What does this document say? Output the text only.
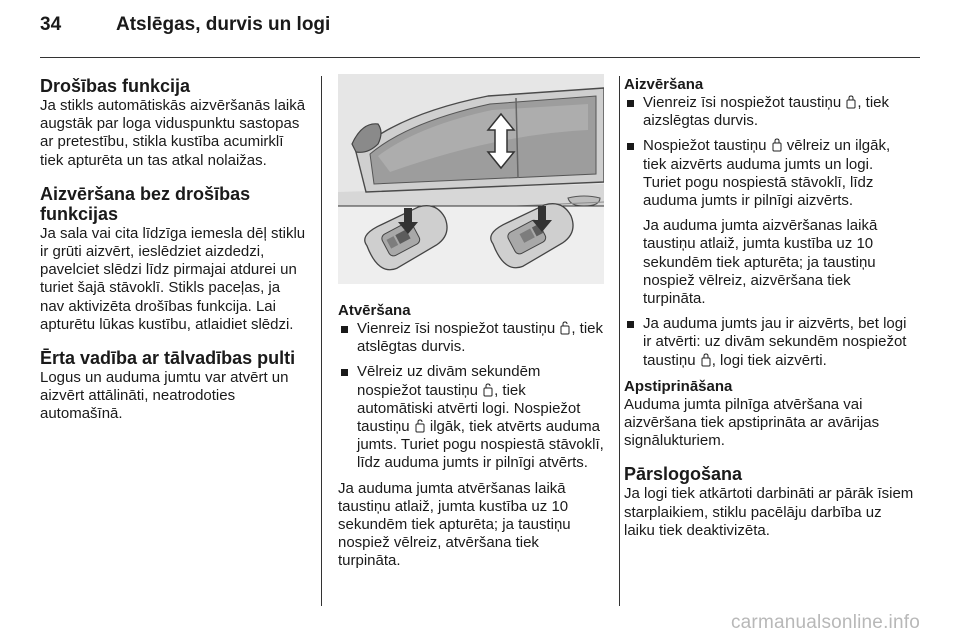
34	Atslēgas, durvis un logi
Drošības funkcija

Ja stikls automātiskās aizvēršanās laikā augstāk par loga viduspunktu sastopas ar pretestību, stikla kustība acumirklī tiek apturēta un tas atkal nolaižas.

Aizvēršana bez drošības funkcijas

Ja sala vai cita līdzīga iemesla dēļ stiklu ir grūti aizvērt, ieslēdziet aizdedzi, pavelciet slēdzi līdz pirmajai atdurei un turiet šajā stāvoklī. Stikls paceļas, ja nav aktivizēta drošības funkcija. Lai apturētu lūkas kustību, atlaidiet slēdzi.

Ērta vadība ar tālvadības pulti

Logus un auduma jumtu var atvērt un aizvērt attālināti, neatrodoties automašīnā.

Atvēršana
Vienreiz īsi nospiežot taustiņu , tiek atslēgtas durvis.
Vēlreiz uz divām sekundēm nospiežot taustiņu , tiek automātiski atvērti logi. Nospiežot taustiņu  ilgāk, tiek atvērts auduma jumts. Turiet pogu nospiestā stāvoklī, līdz auduma jumts ir pilnīgi atvērts.

Ja auduma jumta atvēršanas laikā taustiņu atlaiž, jumta kustība uz 10 sekundēm tiek apturēta; ja taustiņu nospiež vēlreiz, atvēršana tiek turpināta.

Aizvēršana
Vienreiz īsi nospiežot taustiņu , tiek aizslēgtas durvis.
Nospiežot taustiņu  vēlreiz un ilgāk, tiek aizvērts auduma jumts un logi. Turiet pogu nospiestā stāvoklī, līdz auduma jumts ir pilnīgi aizvērts.
Ja auduma jumta aizvēršanas laikā taustiņu atlaiž, jumta kustība uz 10 sekundēm tiek apturēta; ja taustiņu nospiež vēlreiz, aizvēršana tiek turpināta.
Ja auduma jumts jau ir aizvērts, bet logi ir atvērti: uz divām sekundēm nospiežot taustiņu , logi tiek aizvērti.
Apstiprināšana

Auduma jumta pilnīga atvēršana vai aizvēršana tiek apstiprināta ar avārijas signālukturiem.

Pārslogošana

Ja logi tiek atkārtoti darbināti ar pārāk īsiem starplaikiem, stiklu pacēlāju darbība uz laiku tiek deaktivizēta.

carmanualsonline.info
